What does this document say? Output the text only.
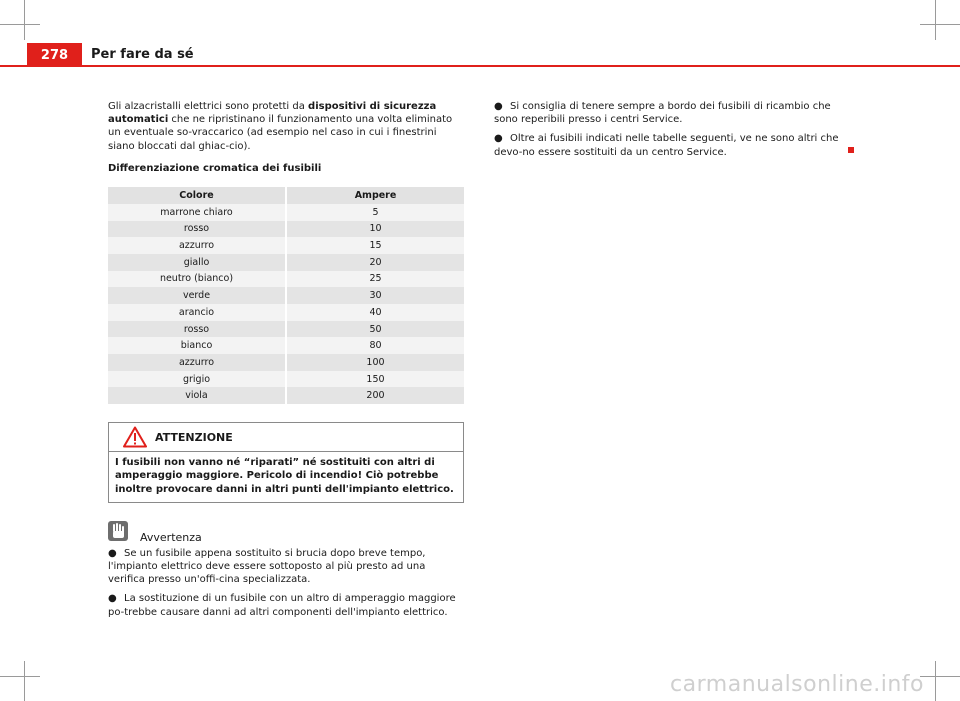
278	Per fare da sé

Gli alzacristalli elettrici sono protetti da dispositivi di sicurezza automatici che ne ripristinano il funzionamento una volta eliminato un eventuale so-vraccarico (ad esempio nel caso in cui i finestrini siano bloccati dal ghiac-cio).

Differenziazione cromatica dei fusibili

Colore	Ampere
marrone chiaro	5
rosso	10
azzurro	15
giallo	20
neutro (bianco)	25
verde	30
arancio	40
rosso	50
bianco	80
azzurro	100
grigio	150
viola	200
ATTENZIONE
I fusibili non vanno né “riparati” né sostituiti con altri di amperaggio maggiore. Pericolo di incendio! Ciò potrebbe inoltre provocare danni in altri punti dell'impianto elettrico.
Avvertenza

● Se un fusibile appena sostituito si brucia dopo breve tempo, l'impianto elettrico deve essere sottoposto al più presto ad una verifica presso un'offi-cina specializzata.

● La sostituzione di un fusibile con un altro di amperaggio maggiore po-trebbe causare danni ad altri componenti dell'impianto elettrico.

● Si consiglia di tenere sempre a bordo dei fusibili di ricambio che sono reperibili presso i centri Service.

● Oltre ai fusibili indicati nelle tabelle seguenti, ve ne sono altri che devo-no essere sostituiti da un centro Service.

carmanualsonline.info
